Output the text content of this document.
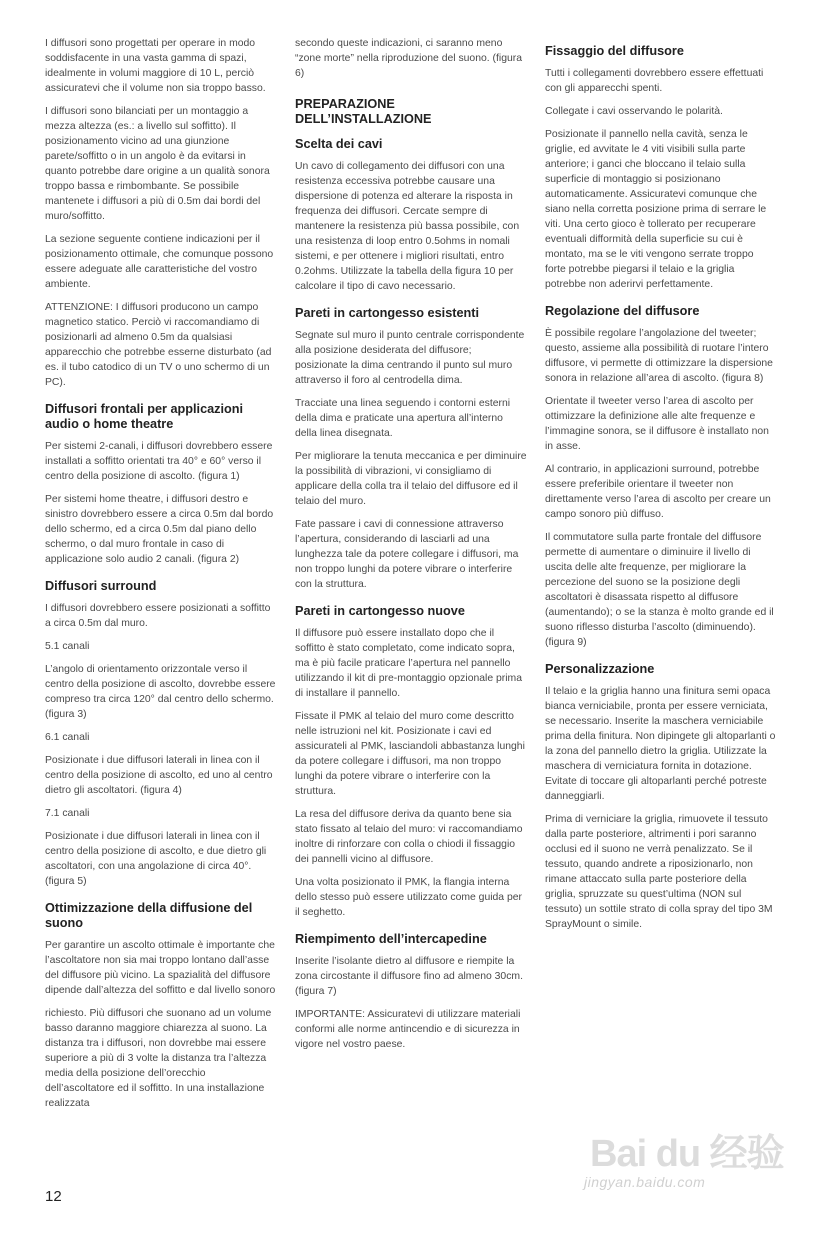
I diffusori sono progettati per operare in modo soddisfacente in una vasta gamma di spazi, idealmente in volumi maggiore di 10 L, perciò assicuratevi che il volume non sia troppo basso.

I diffusori sono bilanciati per un montaggio a mezza altezza (es.: a livello sul soffitto). Il posizionamento vicino ad una giunzione parete/soffitto o in un angolo è da evitarsi in quanto potrebbe dare origine a un qualità sonora troppo bassa e rimbombante. Se possibile mantenete i diffusori a più di 0.5m dai bordi del muro/soffitto.

La sezione seguente contiene indicazioni per il posizionamento ottimale, che comunque possono essere adeguate alle caratteristiche del vostro ambiente.

ATTENZIONE: I diffusori producono un campo magnetico statico. Perciò vi raccomandiamo di posizionarli ad almeno 0.5m da qualsiasi apparecchio che potrebbe esserne disturbato (ad es. il tubo catodico di un TV o uno schermo di un PC).

Diffusori frontali per applicazioni audio o home theatre

Per sistemi 2-canali, i diffusori dovrebbero essere installati a soffitto orientati tra 40° e 60° verso il centro della posizione di ascolto. (figura 1)

Per sistemi home theatre, i diffusori destro e sinistro dovrebbero essere a circa 0.5m dal bordo dello schermo, ed a circa 0.5m dal piano dello schermo, o dal muro frontale in caso di applicazione solo audio 2 canali. (figura 2)

Diffusori surround

I diffusori dovrebbero essere posizionati a soffitto a circa 0.5m dal muro.

5.1 canali

L’angolo di orientamento orizzontale verso il centro della posizione di ascolto, dovrebbe essere compreso tra circa 120° dal centro dello schermo. (figura 3)

6.1 canali

Posizionate i due diffusori laterali in linea con il centro della posizione di ascolto, ed uno al centro dietro gli ascoltatori. (figura 4)

7.1 canali

Posizionate i due diffusori laterali in linea con il centro della posizione di ascolto, e due dietro gli ascoltatori, con una angolazione di circa 40°. (figura 5)

Ottimizzazione della diffusione del suono

Per garantire un ascolto ottimale è importante che l’ascoltatore non sia mai troppo lontano dall’asse del diffusore più vicino. La spazialità del diffusore dipende dall’altezza del soffitto e dal livello sonoro

richiesto. Più diffusori che suonano ad un volume basso daranno maggiore chiarezza al suono. La distanza tra i diffusori, non dovrebbe mai essere superiore a più di 3 volte la distanza tra l’altezza media della posizione dell’orecchio dell’ascoltatore ed il soffitto. In una installazione realizzata

secondo queste indicazioni, ci saranno meno “zone morte” nella riproduzione del suono. (figura 6)

PREPARAZIONE DELL’INSTALLAZIONE
Scelta dei cavi

Un cavo di collegamento dei diffusori con una resistenza eccessiva potrebbe causare una dispersione di potenza ed alterare la risposta in frequenza dei diffusori. Cercate sempre di mantenere la resistenza più bassa possibile, con una resistenza di loop entro 0.5ohms in nomali sistemi, e per ottenere i migliori risultati, entro 0.2ohms. Utilizzate la tabella della figura 10 per calcolare il tipo di cavo necessario.

Pareti in cartongesso esistenti

Segnate sul muro il punto centrale corrispondente alla posizione desiderata del diffusore; posizionate la dima centrando il punto sul muro attraverso il foro al centrodella dima.

Tracciate una linea seguendo i contorni esterni della dima e praticate una apertura all’interno della linea disegnata.

Per migliorare la tenuta meccanica e per diminuire la possibilità di vibrazioni, vi consigliamo di applicare della colla tra il telaio del diffusore ed il telaio del muro.

Fate passare i cavi di connessione attraverso l’apertura, considerando di lasciarli ad una lunghezza tale da potere collegare i diffusori, ma non troppo lunghi da potere vibrare o interferire con la struttura.

Pareti in cartongesso nuove

Il diffusore può essere installato dopo che il soffitto è stato completato, come indicato sopra, ma è più facile praticare l’apertura nel pannello utilizzando il kit di pre-montaggio opzionale prima di installare il pannello.

Fissate il PMK al telaio del muro come descritto nelle istruzioni nel kit. Posizionate i cavi ed assicurateli al PMK, lasciandoli abbastanza lunghi da potere collegare i diffusori, ma non troppo lunghi da potere vibrare o interferire con la struttura.

La resa del diffusore deriva da quanto bene sia stato fissato al telaio del muro: vi raccomandiamo inoltre di rinforzare con colla o chiodi il fissaggio dei pannelli vicino al diffusore.

Una volta posizionato il PMK, la flangia interna dello stesso può essere utilizzato come guida per il seghetto.

Riempimento dell’intercapedine

Inserite l’isolante dietro al diffusore e riempite la zona circostante il diffusore fino ad almeno 30cm. (figura 7)

IMPORTANTE: Assicuratevi di utilizzare materiali conformi alle norme antincendio e di sicurezza in vigore nel vostro paese.

Fissaggio del diffusore

Tutti i collegamenti dovrebbero essere effettuati con gli apparecchi spenti.

Collegate i cavi osservando le polarità.

Posizionate il pannello nella cavità, senza le griglie, ed avvitate le 4 viti visibili sulla parte anteriore; i ganci che bloccano il telaio sulla superficie di montaggio si posizionano automaticamente. Assicuratevi comunque che siano nella corretta posizione prima di serrare le viti. Una certo gioco è tollerato per recuperare eventuali difformità della superficie su cui è montato, ma se le viti vengono serrate troppo forte potrebbe piegarsi il telaio e la griglia potrebbe non aderirvi perfettamente.

Regolazione del diffusore

È possibile regolare l’angolazione del tweeter; questo, assieme alla possibilità di ruotare l’intero diffusore, vi permette di ottimizzare la dispersione sonora in relazione all’area di ascolto. (figura 8)

Orientate il tweeter verso l’area di ascolto per ottimizzare la definizione alle alte frequenze e l’immagine sonora, se il diffusore è installato non in asse.

Al contrario, in applicazioni surround, potrebbe essere preferibile orientare il tweeter non direttamente verso l’area di ascolto per creare un campo sonoro più diffuso.

Il commutatore sulla parte frontale del diffusore permette di aumentare o diminuire il livello di uscita delle alte frequenze, per migliorare la percezione del suono se la posizione degli ascoltatori è disassata rispetto al diffusore (aumentando); o se la stanza è molto grande ed il suono riflesso disturba l’ascolto (diminuendo). (figura 9)

Personalizzazione

Il telaio e la griglia hanno una finitura semi opaca bianca verniciabile, pronta per essere verniciata, se necessario. Inserite la maschera verniciabile prima della finitura. Non dipingete gli altoparlanti o la zona del pannello dietro la griglia. Utilizzate la maschera di verniciatura fornita in dotazione. Evitate di toccare gli altoparlanti perché potreste danneggiarli.

Prima di verniciare la griglia, rimuovete il tessuto dalla parte posteriore, altrimenti i pori saranno occlusi ed il suono ne verrà penalizzato. Se il tessuto, quando andrete a riposizionarlo, non rimane attaccato sulla parte posteriore della griglia, spruzzate su quest’ultima (NON sul tessuto) un sottile strato di colla spray del tipo 3M SprayMount o simile.

12
Bai du 经验
jingyan.baidu.com
